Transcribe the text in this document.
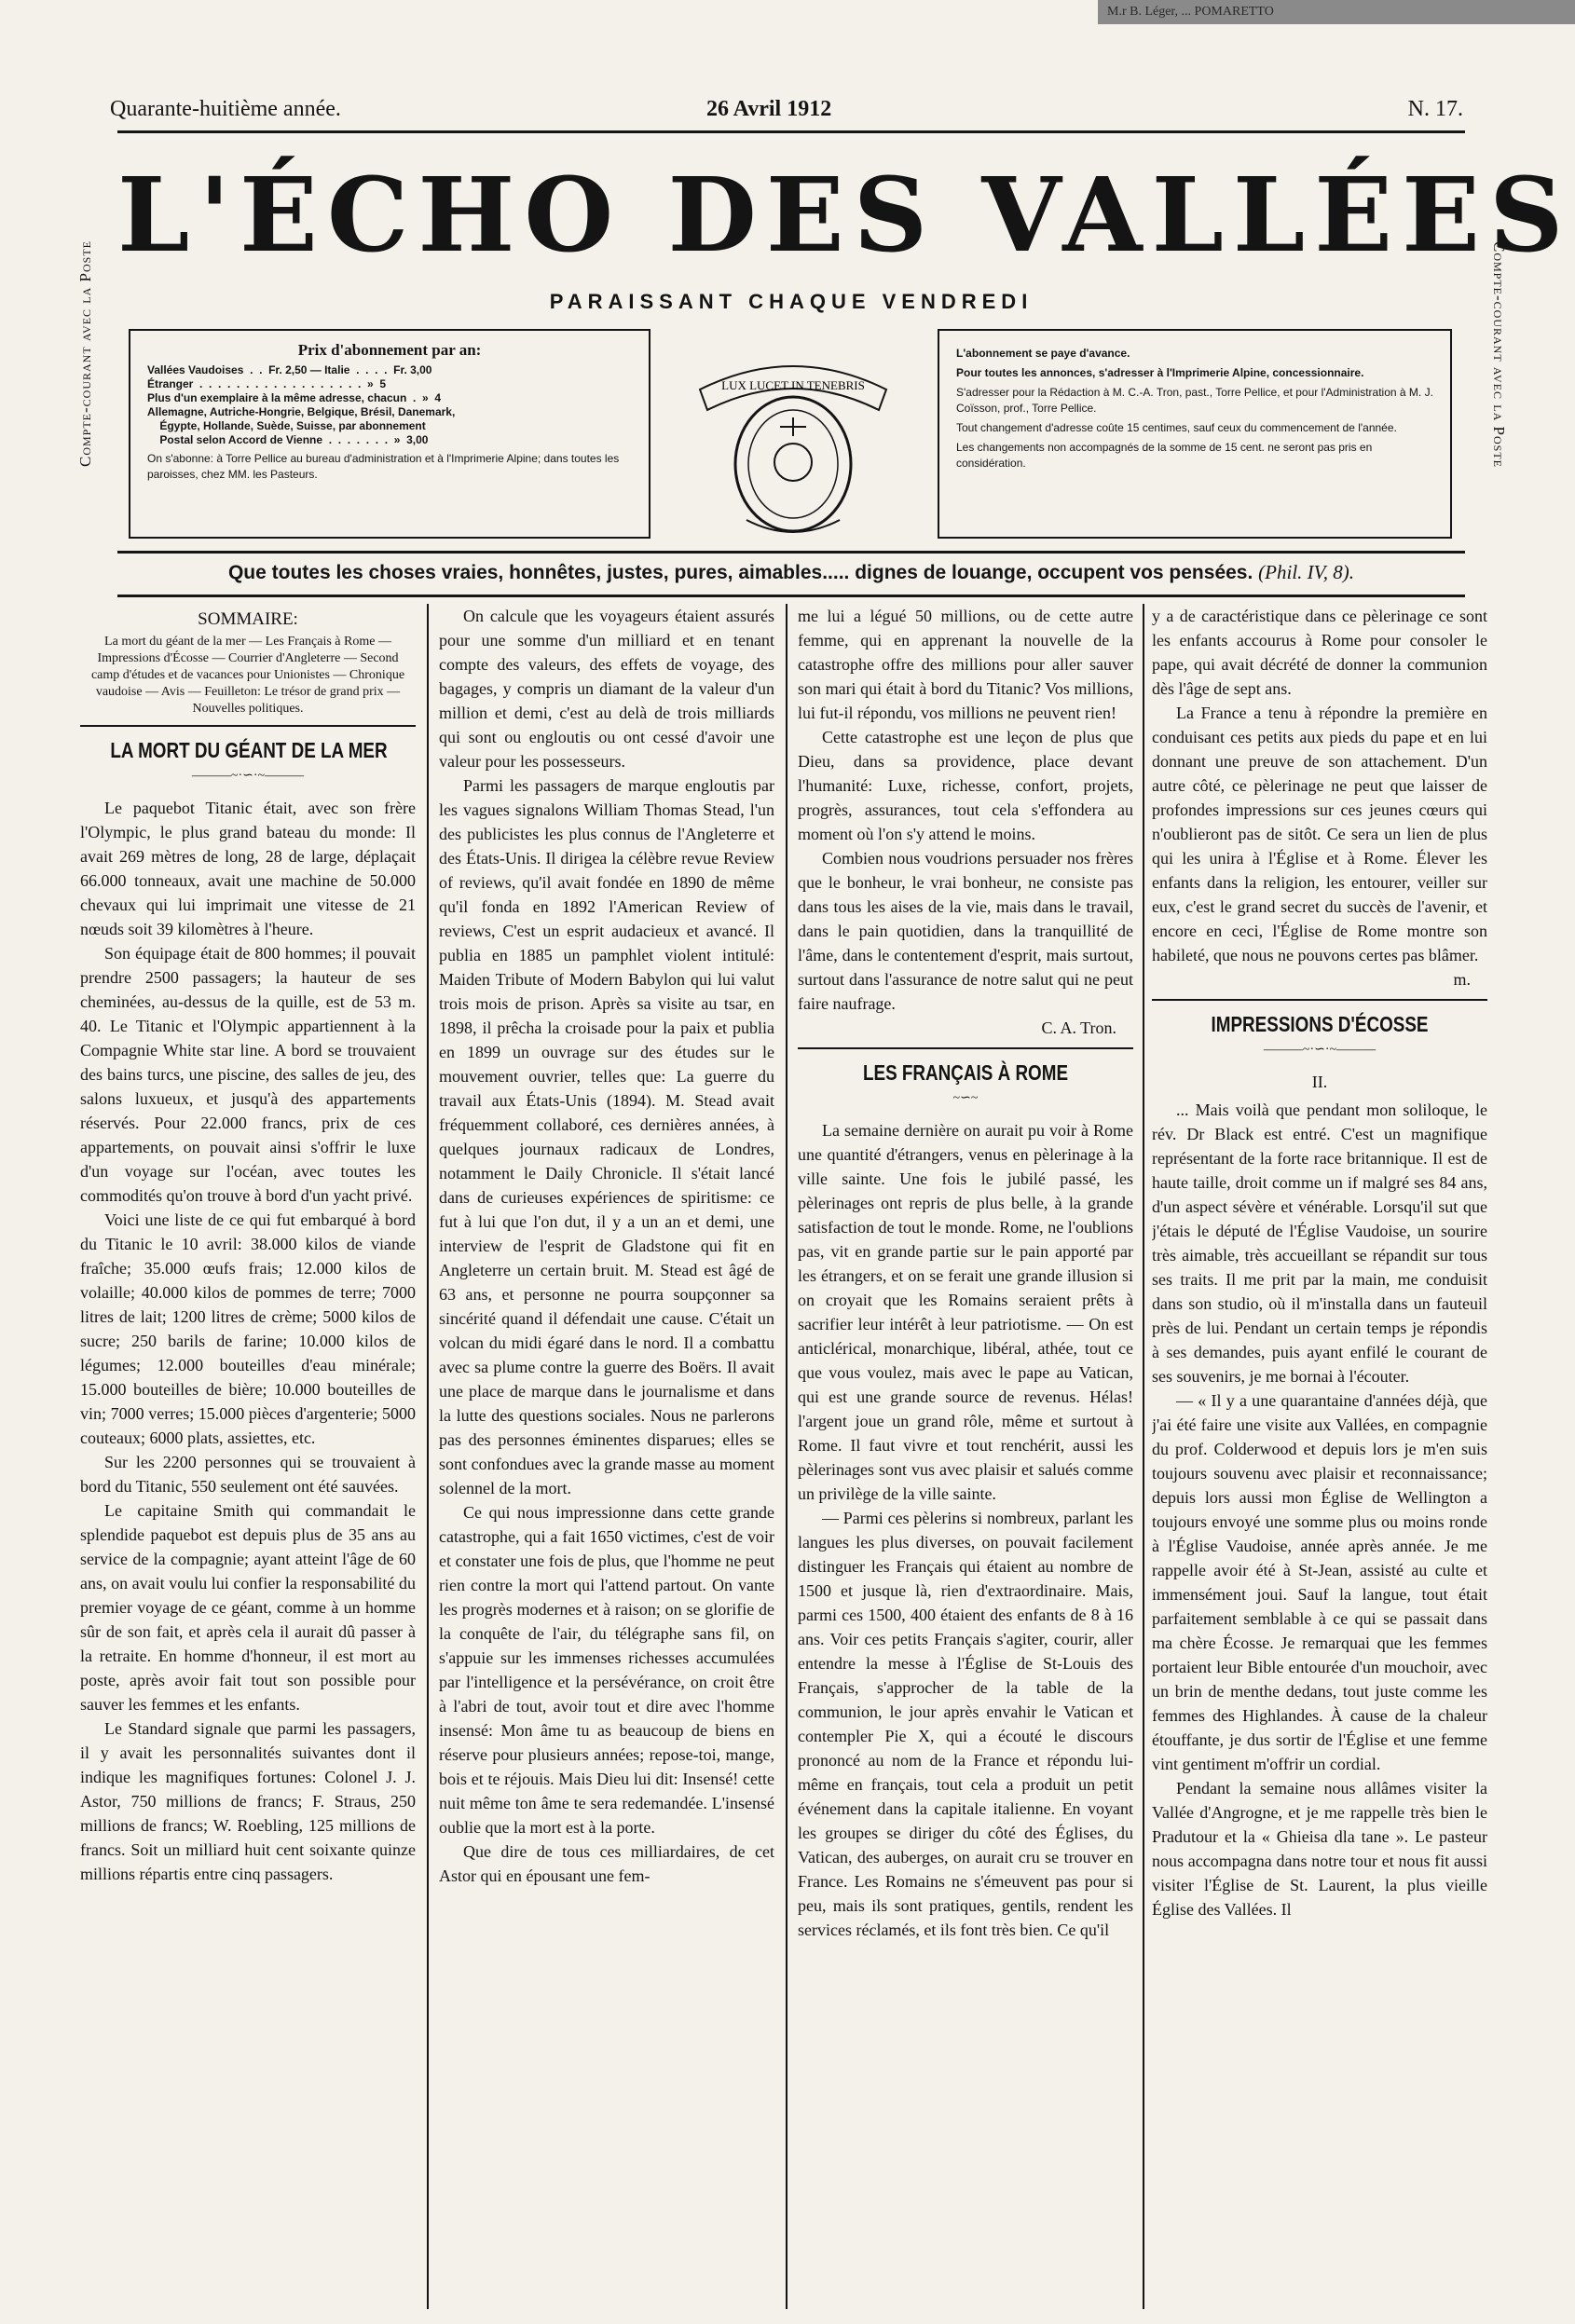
M.r B. Léger, ... POMARETTO
Quarante-huitième année.	26 Avril 1912	N. 17.
Compte-courant avec la Poste	Compte-courant avec la Poste
L'ÉCHO DES VALLÉES
PARAISSANT CHAQUE VENDREDI
Prix d'abonnement par an:
Vallées Vaudoises  .  .  Fr. 2,50 — Italie  .  .  .  .  Fr. 3,00
Étranger  .  .  .  .  .  .  .  .  .  .  .  .  .  .  .  .  .  .  »  5
Plus d'un exemplaire à la même adresse, chacun  .  »  4
Allemagne, Autriche-Hongrie, Belgique, Brésil, Danemark,
Égypte, Hollande, Suède, Suisse, par abonnement
Postal selon Accord de Vienne  .  .  .  .  .  .  .  »  3,00

On s'abonne: à Torre Pellice au bureau d'administration et à l'Imprimerie Alpine; dans toutes les paroisses, chez MM. les Pasteurs.

LUX LUCET IN TENEBRIS

L'abonnement se paye d'avance.

Pour toutes les annonces, s'adresser à l'Imprimerie Alpine, concessionnaire.

S'adresser pour la Rédaction à M. C.-A. Tron, past., Torre Pellice, et pour l'Administration à M. J. Coïsson, prof., Torre Pellice.

Tout changement d'adresse coûte 15 centimes, sauf ceux du commencement de l'année.

Les changements non accompagnés de la somme de 15 cent. ne seront pas pris en considération.

Que toutes les choses vraies, honnêtes, justes, pures, aimables..... dignes de louange, occupent vos pensées. (Phil. IV, 8).
SOMMAIRE:
La mort du géant de la mer — Les Français à Rome — Impressions d'Écosse — Courrier d'Angleterre — Second camp d'études et de vacances pour Unionistes — Chronique vaudoise — Avis — Feuilleton: Le trésor de grand prix — Nouvelles politiques.
LA MORT DU GÉANT DE LA MER
———~·∽·~———

Le paquebot Titanic était, avec son frère l'Olympic, le plus grand bateau du monde: Il avait 269 mètres de long, 28 de large, déplaçait 66.000 tonneaux, avait une machine de 50.000 chevaux qui lui imprimait une vitesse de 21 nœuds soit 39 kilomètres à l'heure.

Son équipage était de 800 hommes; il pouvait prendre 2500 passagers; la hauteur de ses cheminées, au-dessus de la quille, est de 53 m. 40. Le Titanic et l'Olympic appartiennent à la Compagnie White star line. A bord se trouvaient des bains turcs, une piscine, des salles de jeu, des salons luxueux, et jusqu'à des appartements réservés. Pour 22.000 francs, prix de ces appartements, on pouvait ainsi s'offrir le luxe d'un voyage sur l'océan, avec toutes les commodités qu'on trouve à bord d'un yacht privé.

Voici une liste de ce qui fut embarqué à bord du Titanic le 10 avril: 38.000 kilos de viande fraîche; 35.000 œufs frais; 12.000 kilos de volaille; 40.000 kilos de pommes de terre; 7000 litres de lait; 1200 litres de crème; 5000 kilos de sucre; 250 barils de farine; 10.000 kilos de légumes; 12.000 bouteilles d'eau minérale; 15.000 bouteilles de bière; 10.000 bouteilles de vin; 7000 verres; 15.000 pièces d'argenterie; 5000 couteaux; 6000 plats, assiettes, etc.

Sur les 2200 personnes qui se trouvaient à bord du Titanic, 550 seulement ont été sauvées.

Le capitaine Smith qui commandait le splendide paquebot est depuis plus de 35 ans au service de la compagnie; ayant atteint l'âge de 60 ans, on avait voulu lui confier la responsabilité du premier voyage de ce géant, comme à un homme sûr de son fait, et après cela il aurait dû passer à la retraite. En homme d'honneur, il est mort au poste, après avoir fait tout son possible pour sauver les femmes et les enfants.

Le Standard signale que parmi les passagers, il y avait les personnalités suivantes dont il indique les magnifiques fortunes: Colonel J. J. Astor, 750 millions de francs; F. Straus, 250 millions de francs; W. Roebling, 125 millions de francs. Soit un milliard huit cent soixante quinze millions répartis entre cinq passagers.

On calcule que les voyageurs étaient assurés pour une somme d'un milliard et en tenant compte des valeurs, des effets de voyage, des bagages, y compris un diamant de la valeur d'un million et demi, c'est au delà de trois milliards qui sont ou engloutis ou ont cessé d'avoir une valeur pour les possesseurs.

Parmi les passagers de marque engloutis par les vagues signalons William Thomas Stead, l'un des publicistes les plus connus de l'Angleterre et des États-Unis. Il dirigea la célèbre revue Review of reviews, qu'il avait fondée en 1890 de même qu'il fonda en 1892 l'American Review of reviews, C'est un esprit audacieux et avancé. Il publia en 1885 un pamphlet violent intitulé: Maiden Tribute of Modern Babylon qui lui valut trois mois de prison. Après sa visite au tsar, en 1898, il prêcha la croisade pour la paix et publia en 1899 un ouvrage sur des études sur le mouvement ouvrier, telles que: La guerre du travail aux États-Unis (1894). M. Stead avait fréquemment collaboré, ces dernières années, à quelques journaux radicaux de Londres, notamment le Daily Chronicle. Il s'était lancé dans de curieuses expériences de spiritisme: ce fut à lui que l'on dut, il y a un an et demi, une interview de l'esprit de Gladstone qui fit en Angleterre un certain bruit. M. Stead est âgé de 63 ans, et personne ne pourra soupçonner sa sincérité quand il défendait une cause. C'était un volcan du midi égaré dans le nord. Il a combattu avec sa plume contre la guerre des Boërs. Il avait une place de marque dans le journalisme et dans la lutte des questions sociales. Nous ne parlerons pas des personnes éminentes disparues; elles se sont confondues avec la grande masse au moment solennel de la mort.

Ce qui nous impressionne dans cette grande catastrophe, qui a fait 1650 victimes, c'est de voir et constater une fois de plus, que l'homme ne peut rien contre la mort qui l'attend partout. On vante les progrès modernes et à raison; on se glorifie de la conquête de l'air, du télégraphe sans fil, on s'appuie sur les immenses richesses accumulées par l'intelligence et la persévérance, on croit être à l'abri de tout, avoir tout et dire avec l'homme insensé: Mon âme tu as beaucoup de biens en réserve pour plusieurs années; repose-toi, mange, bois et te réjouis. Mais Dieu lui dit: Insensé! cette nuit même ton âme te sera redemandée. L'insensé oublie que la mort est à la porte.

Que dire de tous ces milliardaires, de cet Astor qui en épousant une fem-

me lui a légué 50 millions, ou de cette autre femme, qui en apprenant la nouvelle de la catastrophe offre des millions pour aller sauver son mari qui était à bord du Titanic? Vos millions, lui fut-il répondu, vos millions ne peuvent rien!

Cette catastrophe est une leçon de plus que Dieu, dans sa providence, place devant l'humanité: Luxe, richesse, confort, projets, progrès, assurances, tout cela s'effondera au moment où l'on s'y attend le moins.

Combien nous voudrions persuader nos frères que le bonheur, le vrai bonheur, ne consiste pas dans tous les aises de la vie, mais dans le travail, dans le pain quotidien, dans la tranquillité de l'âme, dans le contentement d'esprit, mais surtout, surtout dans l'assurance de notre salut qui ne peut faire naufrage.

C. A. Tron.
LES FRANÇAIS À ROME
~∽~

La semaine dernière on aurait pu voir à Rome une quantité d'étrangers, venus en pèlerinage à la ville sainte. Une fois le jubilé passé, les pèlerinages ont repris de plus belle, à la grande satisfaction de tout le monde. Rome, ne l'oublions pas, vit en grande partie sur le pain apporté par les étrangers, et on se ferait une grande illusion si on croyait que les Romains seraient prêts à sacrifier leur intérêt à leur patriotisme. — On est anticlérical, monarchique, libéral, athée, tout ce que vous voulez, mais avec le pape au Vatican, qui est une grande source de revenus. Hélas! l'argent joue un grand rôle, même et surtout à Rome. Il faut vivre et tout renchérit, aussi les pèlerinages sont vus avec plaisir et salués comme un privilège de la ville sainte.

— Parmi ces pèlerins si nombreux, parlant les langues les plus diverses, on pouvait facilement distinguer les Français qui étaient au nombre de 1500 et jusque là, rien d'extraordinaire. Mais, parmi ces 1500, 400 étaient des enfants de 8 à 16 ans. Voir ces petits Français s'agiter, courir, aller entendre la messe à l'Église de St-Louis des Français, s'approcher de la table de la communion, le jour après envahir le Vatican et contempler Pie X, qui a écouté le discours prononcé au nom de la France et répondu lui-même en français, tout cela a produit un petit événement dans la capitale italienne. En voyant les groupes se diriger du côté des Églises, du Vatican, des auberges, on aurait cru se trouver en France. Les Romains ne s'émeuvent pas pour si peu, mais ils sont pratiques, gentils, rendent les services réclamés, et ils font très bien. Ce qu'il

y a de caractéristique dans ce pèlerinage ce sont les enfants accourus à Rome pour consoler le pape, qui avait décrété de donner la communion dès l'âge de sept ans.

La France a tenu à répondre la première en conduisant ces petits aux pieds du pape et en lui donnant une preuve de son attachement. D'un autre côté, ce pèlerinage ne peut que laisser de profondes impressions sur ces jeunes cœurs qui n'oublieront pas de sitôt. Ce sera un lien de plus qui les unira à l'Église et à Rome. Élever les enfants dans la religion, les entourer, veiller sur eux, c'est le grand secret du succès de l'avenir, et encore en ceci, l'Église de Rome montre son habileté, que nous ne pouvons certes pas blâmer.

m.
IMPRESSIONS D'ÉCOSSE
———~·∽·~———
II.

... Mais voilà que pendant mon soliloque, le rév. Dr Black est entré. C'est un magnifique représentant de la forte race britannique. Il est de haute taille, droit comme un if malgré ses 84 ans, d'un aspect sévère et vénérable. Lorsqu'il sut que j'étais le député de l'Église Vaudoise, un sourire très aimable, très accueillant se répandit sur tous ses traits. Il me prit par la main, me conduisit dans son studio, où il m'installa dans un fauteuil près de lui. Pendant un certain temps je répondis à ses demandes, puis ayant enfilé le courant de ses souvenirs, je me bornai à l'écouter.

— « Il y a une quarantaine d'années déjà, que j'ai été faire une visite aux Vallées, en compagnie du prof. Colderwood et depuis lors je m'en suis toujours souvenu avec plaisir et reconnaissance; depuis lors aussi mon Église de Wellington a toujours envoyé une somme plus ou moins ronde à l'Église Vaudoise, année après année. Je me rappelle avoir été à St-Jean, assisté au culte et immensément joui. Sauf la langue, tout était parfaitement semblable à ce qui se passait dans ma chère Écosse. Je remarquai que les femmes portaient leur Bible entourée d'un mouchoir, avec un brin de menthe dedans, tout juste comme les femmes des Highlandes. À cause de la chaleur étouffante, je dus sortir de l'Église et une femme vint gentiment m'offrir un cordial.

Pendant la semaine nous allâmes visiter la Vallée d'Angrogne, et je me rappelle très bien le Pradutour et la « Ghieisa dla tane ». Le pasteur nous accompagna dans notre tour et nous fit aussi visiter l'Église de St. Laurent, la plus vieille Église des Vallées. Il
